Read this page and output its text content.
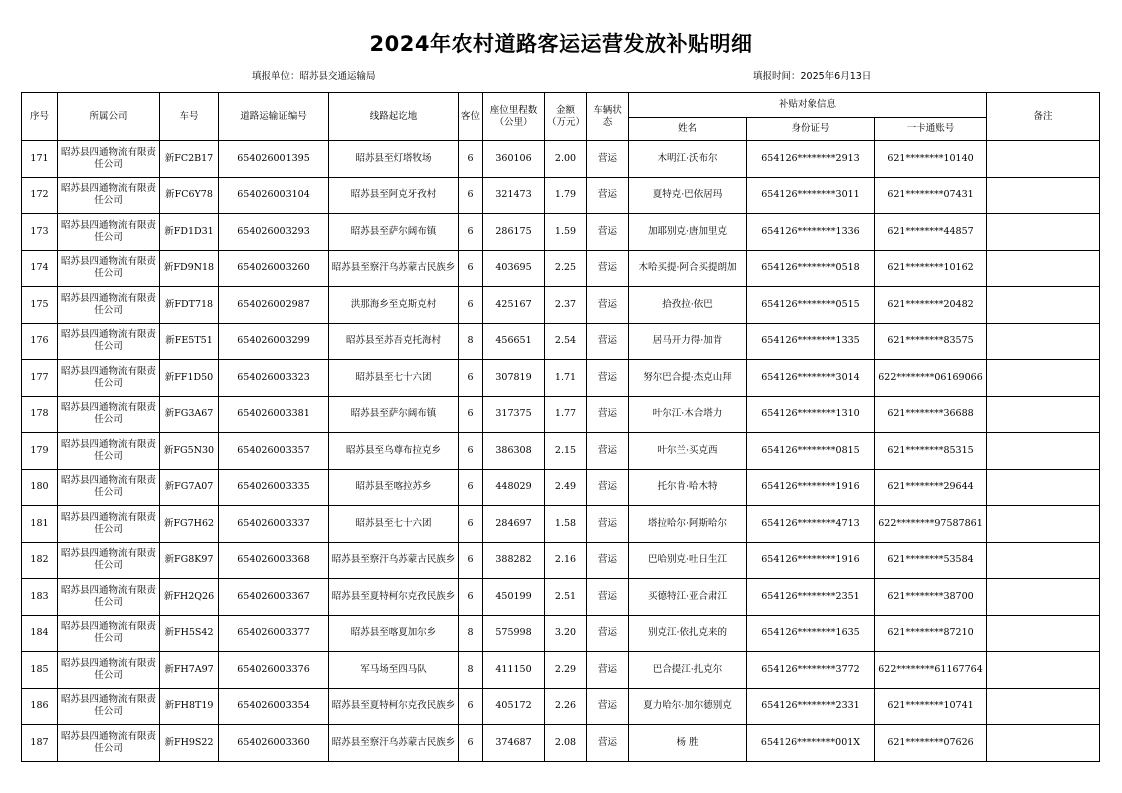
2024年农村道路客运运营发放补贴明细
填报单位：昭苏县交通运输局	填报时间：2025年6月13日
序号	所属公司	车号	道路运输证编号	线路起讫地	客位	座位里程数（公里）	金额（万元）	车辆状态	补贴对象信息			备注
									姓名	身份证号	一卡通账号	
171	昭苏县四通物流有限责任公司	新FC2B17	654026001395	昭苏县至灯塔牧场	6	360106	2.00	营运	木明江·沃布尔	654126********2913	621********10140	
172	昭苏县四通物流有限责任公司	新FC6Y78	654026003104	昭苏县至阿克牙孜村	6	321473	1.79	营运	夏特克·巴依居玛	654126********3011	621********07431	
173	昭苏县四通物流有限责任公司	新FD1D31	654026003293	昭苏县至萨尔阔布镇	6	286175	1.59	营运	加耶别克·唐加里克	654126********1336	621********44857	
174	昭苏县四通物流有限责任公司	新FD9N18	654026003260	昭苏县至察汗乌苏蒙古民族乡	6	403695	2.25	营运	木哈买提·阿合买提朗加	654126********0518	621********10162	
175	昭苏县四通物流有限责任公司	新FDT718	654026002987	洪那海乡至克斯克村	6	425167	2.37	营运	拾孜拉·依巴	654126********0515	621********20482	
176	昭苏县四通物流有限责任公司	新FE5T51	654026003299	昭苏县至苏吾克托海村	8	456651	2.54	营运	居马开力得·加肯	654126********1335	621********83575	
177	昭苏县四通物流有限责任公司	新FF1D50	654026003323	昭苏县至七十六团	6	307819	1.71	营运	努尔巴合提·杰克山拜	654126********3014	622********06169066	
178	昭苏县四通物流有限责任公司	新FG3A67	654026003381	昭苏县至萨尔阔布镇	6	317375	1.77	营运	叶尔江·木合塔力	654126********1310	621********36688	
179	昭苏县四通物流有限责任公司	新FG5N30	654026003357	昭苏县至乌尊布拉克乡	6	386308	2.15	营运	叶尔兰·买克西	654126********0815	621********85315	
180	昭苏县四通物流有限责任公司	新FG7A07	654026003335	昭苏县至喀拉苏乡	6	448029	2.49	营运	托尔肯·哈木特	654126********1916	621********29644	
181	昭苏县四通物流有限责任公司	新FG7H62	654026003337	昭苏县至七十六团	6	284697	1.58	营运	塔拉哈尔·阿斯哈尔	654126********4713	622********97587861	
182	昭苏县四通物流有限责任公司	新FG8K97	654026003368	昭苏县至察汗乌苏蒙古民族乡	6	388282	2.16	营运	巴哈别克·吐日生江	654126********1916	621********53584	
183	昭苏县四通物流有限责任公司	新FH2Q26	654026003367	昭苏县至夏特柯尔克孜民族乡	6	450199	2.51	营运	买德特江·亚合肃江	654126********2351	621********38700	
184	昭苏县四通物流有限责任公司	新FH5S42	654026003377	昭苏县至喀夏加尔乡	8	575998	3.20	营运	别克江·依扎克来的	654126********1635	621********87210	
185	昭苏县四通物流有限责任公司	新FH7A97	654026003376	军马场至四马队	8	411150	2.29	营运	巴合提江·扎克尔	654126********3772	622********61167764	
186	昭苏县四通物流有限责任公司	新FH8T19	654026003354	昭苏县至夏特柯尔克孜民族乡	6	405172	2.26	营运	夏力哈尔·加尔德别克	654126********2331	621********10741	
187	昭苏县四通物流有限责任公司	新FH9S22	654026003360	昭苏县至察汗乌苏蒙古民族乡	6	374687	2.08	营运	杨 胜	654126********001X	621********07626	
